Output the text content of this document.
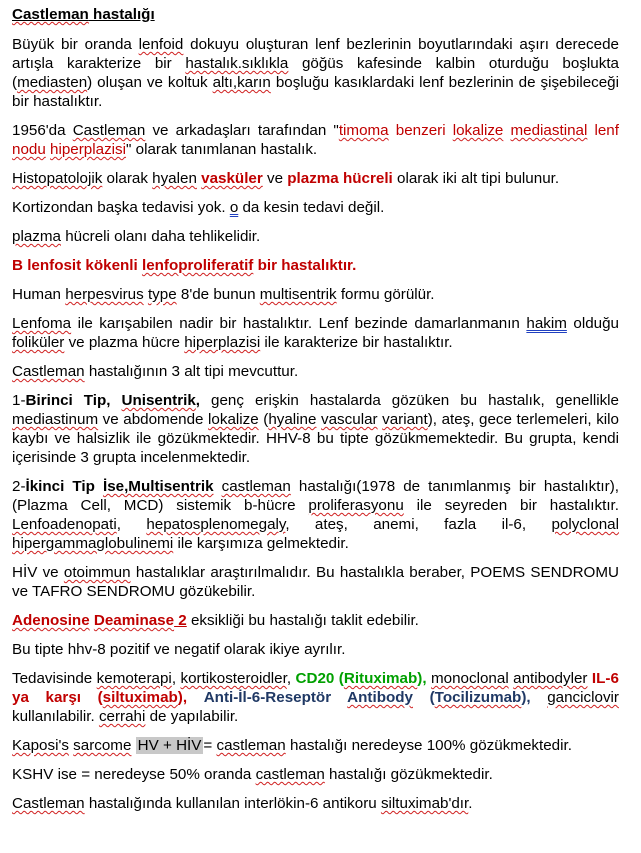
Castleman hastalığı

Büyük bir oranda lenfoid dokuyu oluşturan lenf bezlerinin boyutlarındaki aşırı derecede artışla karakterize bir hastalık.sıklıkla göğüs kafesinde kalbin oturduğu boşlukta (mediasten) oluşan ve koltuk altı,karın boşluğu kasıklardaki lenf bezlerinin de şişebileceği bir hastalıktır.

1956'da Castleman ve arkadaşları tarafından "timoma benzeri lokalize mediastinal lenf nodu hiperplazisi" olarak tanımlanan hastalık.

Histopatolojik olarak hyalen vasküler ve plazma hücreli olarak iki alt tipi bulunur.

Kortizondan başka tedavisi yok. o da kesin tedavi değil.

plazma hücreli olanı daha tehlikelidir.

B lenfosit kökenli lenfoproliferatif bir hastalıktır.

Human herpesvirus type 8'de bunun multisentrik formu görülür.

Lenfoma ile karışabilen nadir bir hastalıktır. Lenf bezinde damarlanmanın hakim olduğu foliküler ve plazma hücre hiperplazisi ile karakterize bir hastalıktır.

Castleman hastalığının 3 alt tipi mevcuttur.

1-Birinci Tip, Unisentrik, genç erişkin hastalarda gözüken bu hastalık, genellikle mediastinum ve abdomende lokalize (hyaline vascular variant), ateş, gece terlemeleri, kilo kaybı ve halsizlik ile gözükmektedir. HHV-8 bu tipte gözükmemektedir. Bu grupta, kendi içerisinde 3 grupta incelenmektedir.

2-İkinci Tip İse,Multisentrik castleman hastalığı(1978 de tanımlanmış bir hastalıktır), (Plazma Cell, MCD) sistemik b-hücre proliferasyonu ile seyreden bir hastalıktır. Lenfoadenopati, hepatosplenomegaly, ateş, anemi, fazla il-6, polyclonal hipergammaglobulinemi ile karşımıza gelmektedir.

HİV ve otoimmun hastalıklar araştırılmalıdır. Bu hastalıkla beraber, POEMS SENDROMU ve TAFRO SENDROMU gözükebilir.

Adenosine Deaminase 2 eksikliği bu hastalığı taklit edebilir.

Bu tipte hhv-8 pozitif ve negatif olarak ikiye ayrılır.

Tedavisinde kemoterapi, kortikosteroidler, CD20 (Rituximab), monoclonal antibodyler IL-6 ya karşı (siltuximab), Anti-İl-6-Reseptör Antibody (Tocilizumab), ganciclovir kullanılabilir. cerrahi de yapılabilir.

Kaposi's sarcome HV + HİV = castleman hastalığı neredeyse 100% gözükmektedir.

KSHV ise = neredeyse 50% oranda castleman hastalığı gözükmektedir.

Castleman hastalığında kullanılan interlökin-6 antikoru siltuximab'dır.
